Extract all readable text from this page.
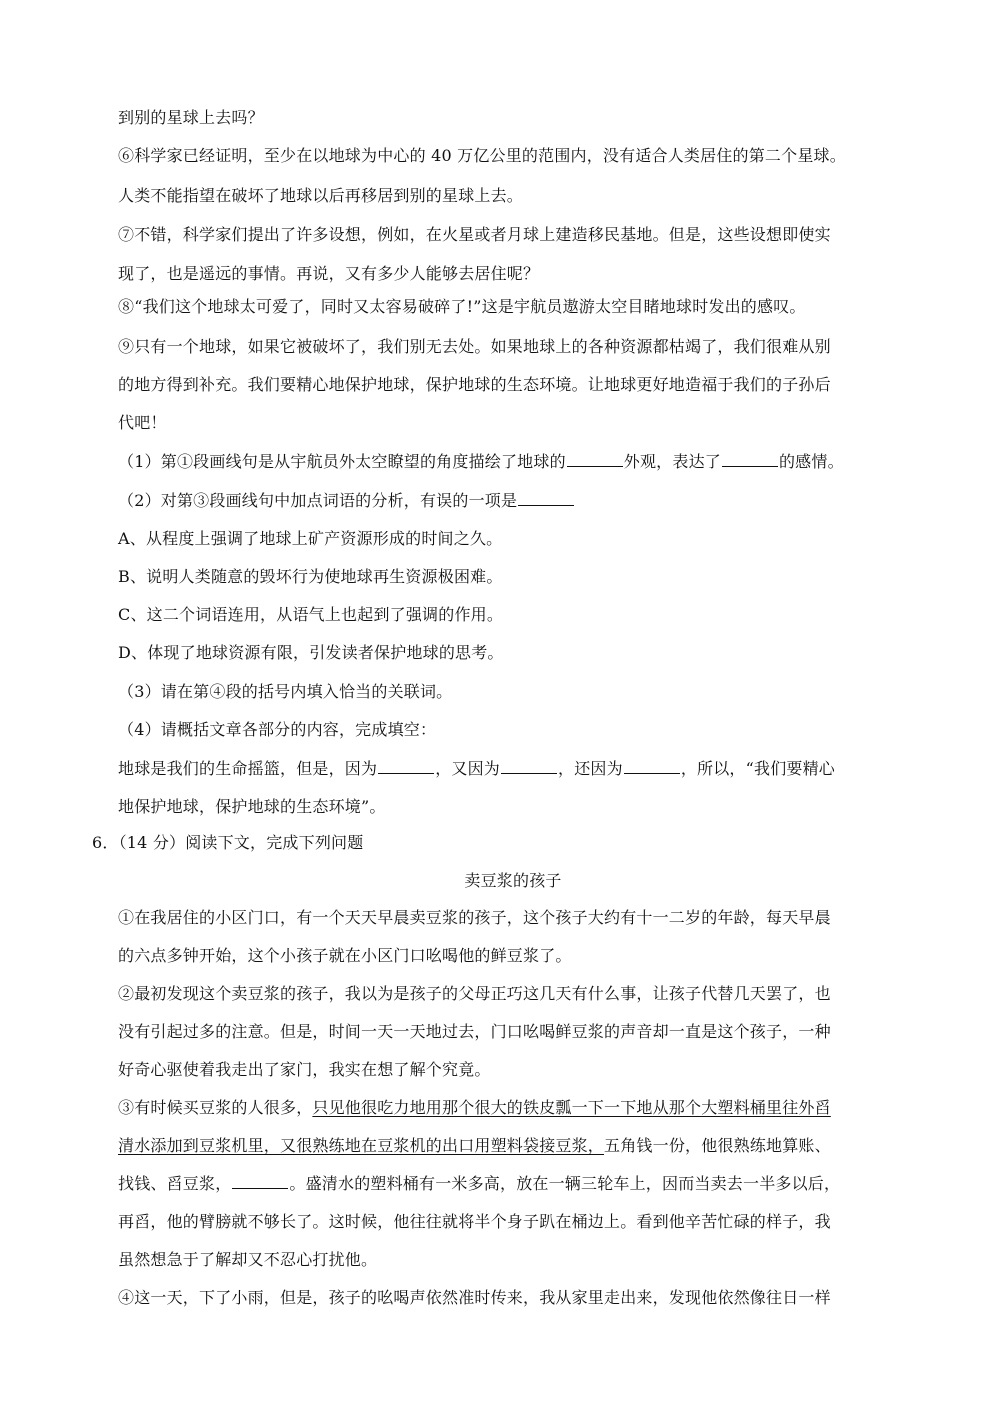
到别的星球上去吗？
⑥科学家已经证明，至少在以地球为中心的 40 万亿公里的范围内，没有适合人类居住的第二个星球。
人类不能指望在破坏了地球以后再移居到别的星球上去。
⑦不错，科学家们提出了许多设想，例如，在火星或者月球上建造移民基地。但是，这些设想即使实
现了，也是遥远的事情。再说，又有多少人能够去居住呢？
⑧“我们这个地球太可爱了，同时又太容易破碎了!”这是宇航员遨游太空目睹地球时发出的感叹。
⑨只有一个地球，如果它被破坏了，我们别无去处。如果地球上的各种资源都枯竭了，我们很难从别
的地方得到补充。我们要精心地保护地球，保护地球的生态环境。让地球更好地造福于我们的子孙后
代吧！
（1）第①段画线句是从宇航员外太空瞭望的角度描绘了地球的	外观，表达了	的感情。
（2）对第③段画线句中加点词语的分析，有误的一项是
A、从程度上强调了地球上矿产资源形成的时间之久。
B、说明人类随意的毁坏行为使地球再生资源极困难。
C、这二个词语连用，从语气上也起到了强调的作用。
D、体现了地球资源有限，引发读者保护地球的思考。
（3）请在第④段的括号内填入恰当的关联词。
（4）请概括文章各部分的内容，完成填空：
地球是我们的生命摇篮，但是，因为	，又因为	，还因为	，所以，“我们要精心
地保护地球，保护地球的生态环境”。
6．（14 分）阅读下文，完成下列问题
卖豆浆的孩子
①在我居住的小区门口，有一个天天早晨卖豆浆的孩子，这个孩子大约有十一二岁的年龄，每天早晨
的六点多钟开始，这个小孩子就在小区门口吆喝他的鲜豆浆了。
②最初发现这个卖豆浆的孩子，我以为是孩子的父母正巧这几天有什么事，让孩子代替几天罢了，也
没有引起过多的注意。但是，时间一天一天地过去，门口吆喝鲜豆浆的声音却一直是这个孩子，一种
好奇心驱使着我走出了家门，我实在想了解个究竟。
③有时候买豆浆的人很多，只见他很吃力地用那个很大的铁皮瓢一下一下地从那个大塑料桶里往外舀
清水添加到豆浆机里，又很熟练地在豆浆机的出口用塑料袋接豆浆，五角钱一份，他很熟练地算账、
找钱、舀豆浆，	。盛清水的塑料桶有一米多高，放在一辆三轮车上，因而当卖去一半多以后，
再舀，他的臂膀就不够长了。这时候，他往往就将半个身子趴在桶边上。看到他辛苦忙碌的样子，我
虽然想急于了解却又不忍心打扰他。
④这一天，下了小雨，但是，孩子的吆喝声依然准时传来，我从家里走出来，发现他依然像往日一样
